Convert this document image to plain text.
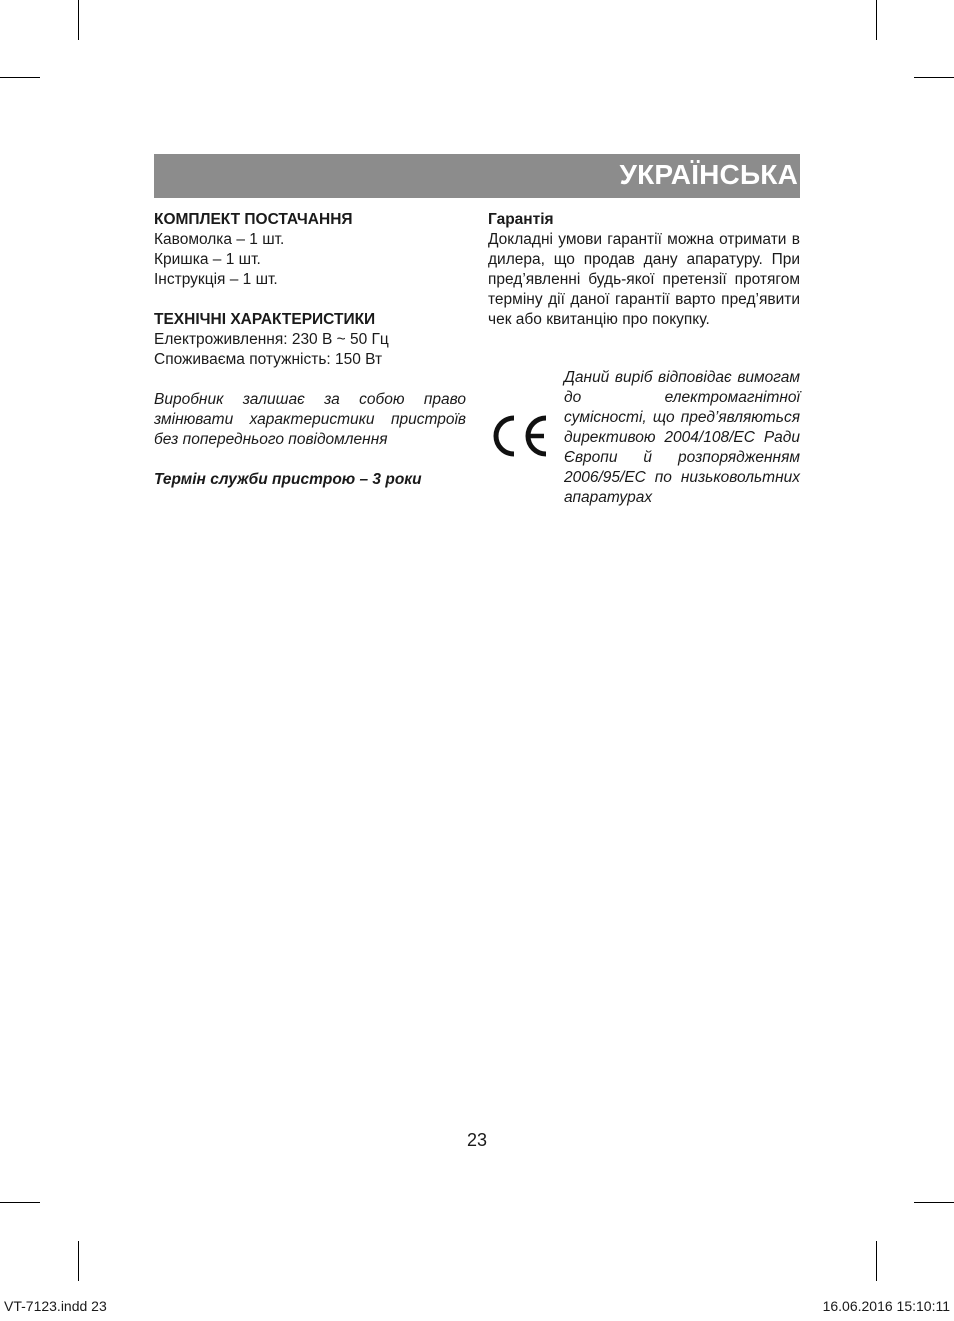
УКРАЇНСЬКА
КОМПЛЕКТ ПОСТАЧАННЯ
Кавомолка – 1 шт.
Кришка – 1 шт.
Інструкція – 1 шт.
ТЕХНІЧНІ ХАРАКТЕРИСТИКИ
Електроживлення: 230 В ~ 50 Гц
Споживаєма потужність: 150 Вт
Виробник залишає за собою право змінювати характеристики пристроїв без попереднього повідомлення
Термін служби пристрою – 3 роки
Гарантія
Докладні умови гарантії можна отримати в дилера, що продав дану апаратуру. При пред’явленні будь-якої претензії протягом терміну дії даної гарантії варто пред’явити чек або квитанцію про покупку.
Даний виріб відповідає вимогам до електромагнітної сумісності, що пред’являються директивою 2004/108/ЕС Ради Європи й розпорядженням 2006/95/ЕС по низьковольтних апаратурах
23
VT-7123.indd 23	16.06.2016 15:10:11
